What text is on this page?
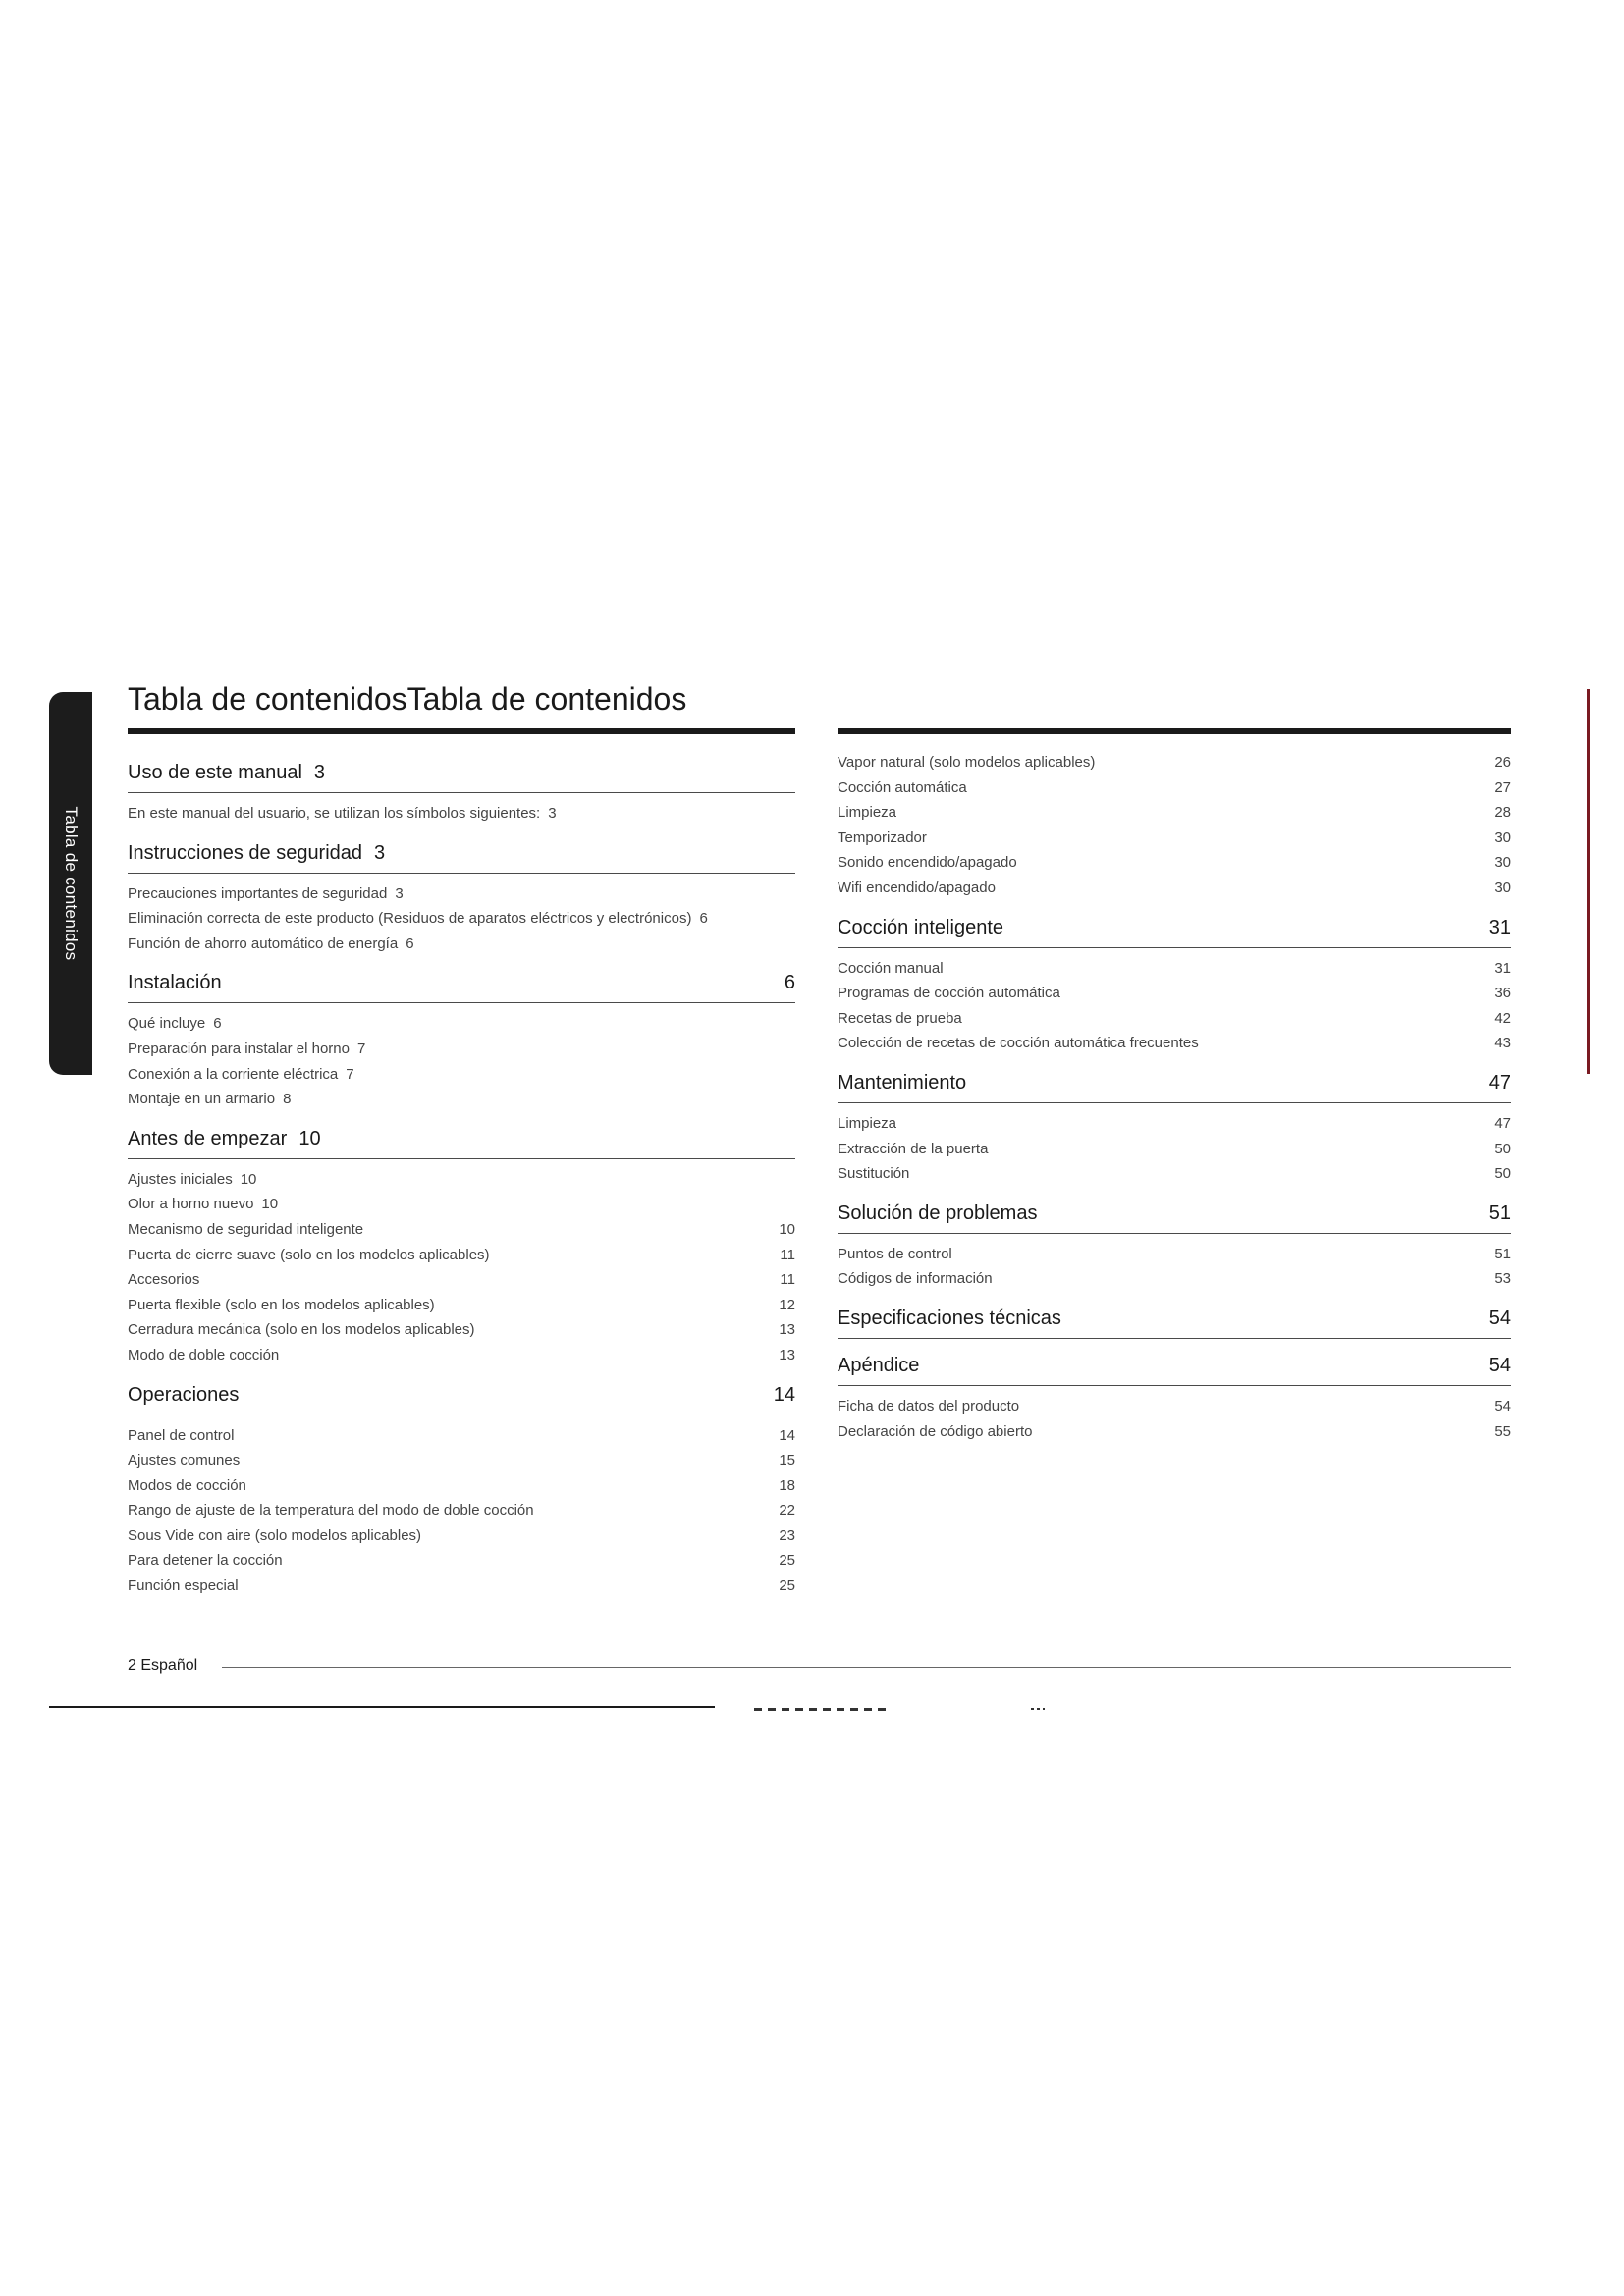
Tabla de contenidos
Tabla de contenidosTabla de contenidos
Uso de este manual 3
En este manual del usuario, se utilizan los símbolos siguientes: 3
Instrucciones de seguridad 3
Precauciones importantes de seguridad 3
Eliminación correcta de este producto (Residuos de aparatos eléctricos y electrónicos) 6
Función de ahorro automático de energía 6
Instalación	6
Qué incluye 6
Preparación para instalar el horno 7
Conexión a la corriente eléctrica 7
Montaje en un armario 8
Antes de empezar 10
Ajustes iniciales 10
Olor a horno nuevo 10
Mecanismo de seguridad inteligente	10
Puerta de cierre suave (solo en los modelos aplicables)	11
Accesorios	11
Puerta flexible (solo en los modelos aplicables)	12
Cerradura mecánica (solo en los modelos aplicables)	13
Modo de doble cocción	13
Operaciones	14
Panel de control	14
Ajustes comunes	15
Modos de cocción	18
Rango de ajuste de la temperatura del modo de doble cocción	22
Sous Vide con aire (solo modelos aplicables)	23
Para detener la cocción	25
Función especial	25
Vapor natural (solo modelos aplicables)	26
Cocción automática	27
Limpieza	28
Temporizador	30
Sonido encendido/apagado	30
Wifi encendido/apagado	30
Cocción inteligente	31
Cocción manual	31
Programas de cocción automática	36
Recetas de prueba	42
Colección de recetas de cocción automática frecuentes	43
Mantenimiento	47
Limpieza	47
Extracción de la puerta	50
Sustitución	50
Solución de problemas	51
Puntos de control	51
Códigos de información	53
Especificaciones técnicas	54
Apéndice	54
Ficha de datos del producto	54
Declaración de código abierto	55
2 Español
